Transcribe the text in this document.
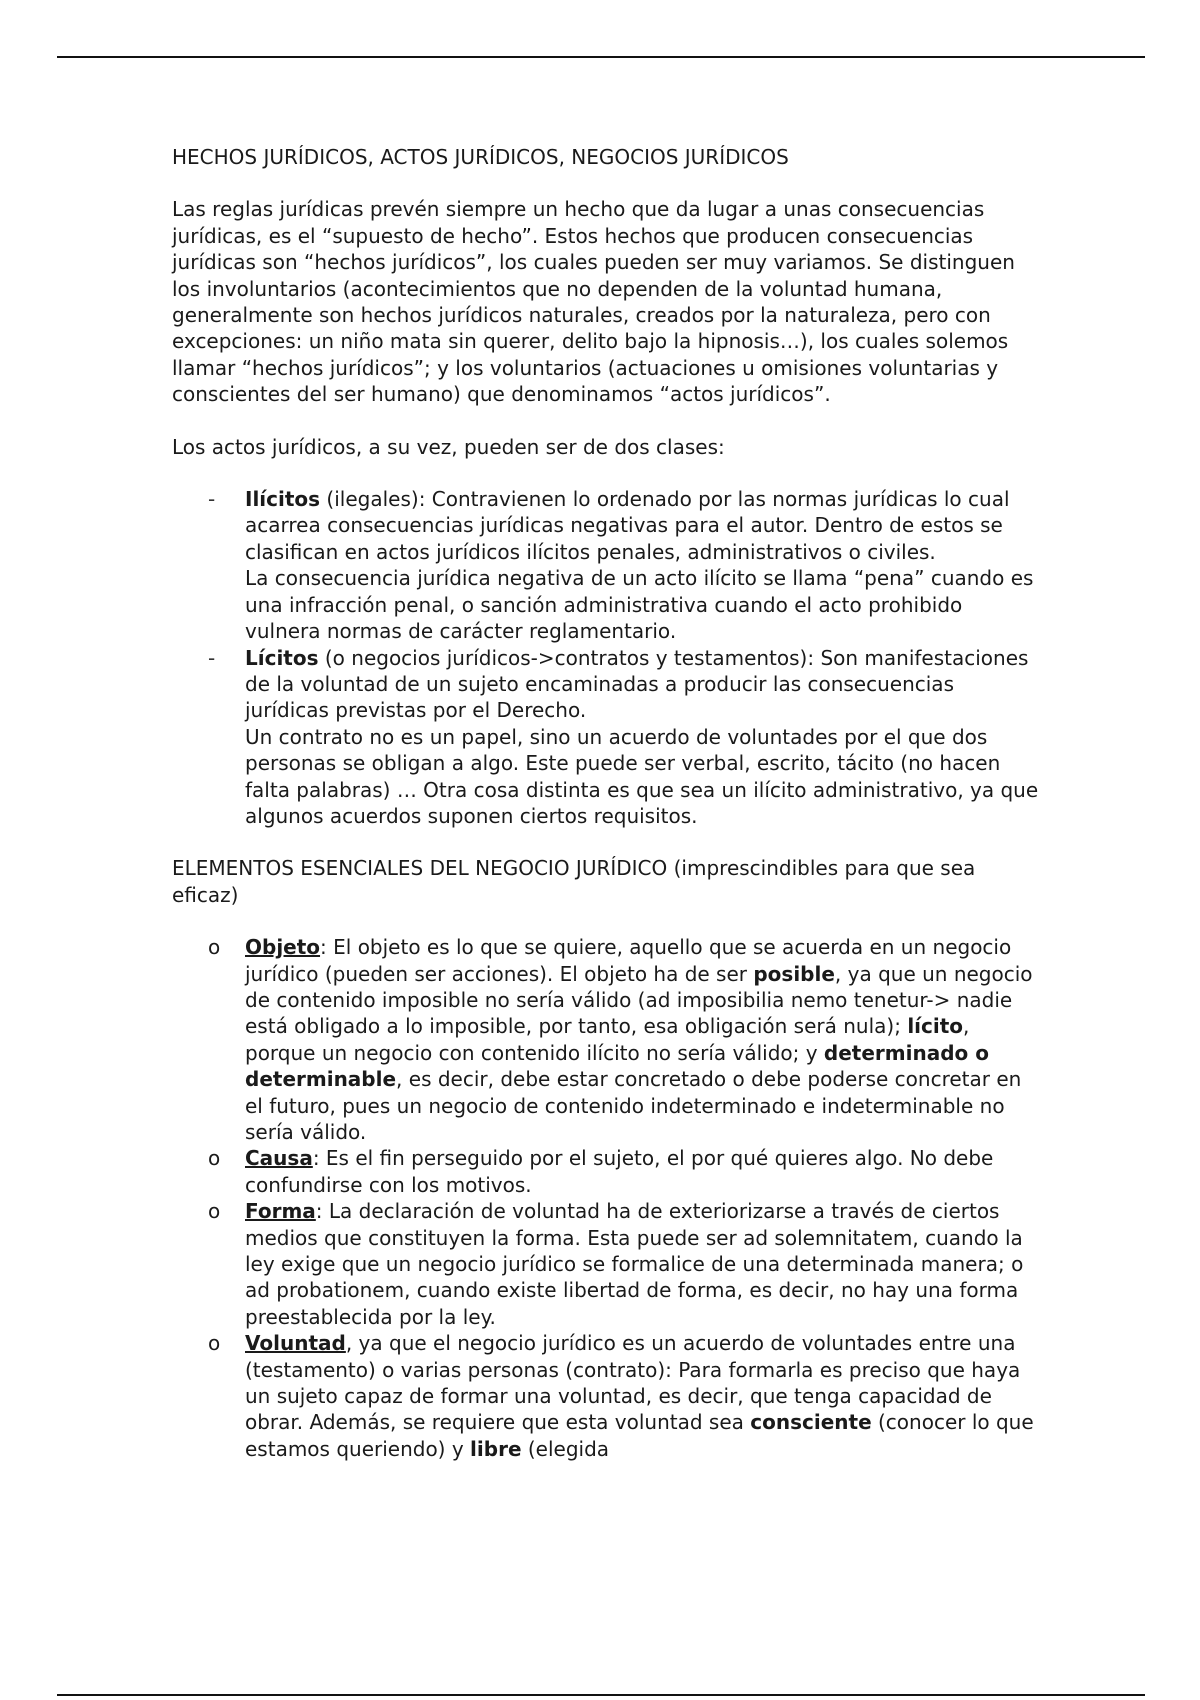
HECHOS JURÍDICOS, ACTOS JURÍDICOS, NEGOCIOS JURÍDICOS

Las reglas jurídicas prevén siempre un hecho que da lugar a unas consecuencias jurídicas, es el “supuesto de hecho”. Estos hechos que producen consecuencias jurídicas son “hechos jurídicos”, los cuales pueden ser muy variamos. Se distinguen los involuntarios (acontecimientos que no dependen de la voluntad humana, generalmente son hechos jurídicos naturales, creados por la naturaleza, pero con excepciones: un niño mata sin querer, delito bajo la hipnosis…), los cuales solemos llamar “hechos jurídicos”; y los voluntarios (actuaciones u omisiones voluntarias y conscientes del ser humano) que denominamos “actos jurídicos”.

Los actos jurídicos, a su vez, pueden ser de dos clases:

- Ilícitos (ilegales): Contravienen lo ordenado por las normas jurídicas lo cual acarrea consecuencias jurídicas negativas para el autor. Dentro de estos se clasifican en actos jurídicos ilícitos penales, administrativos o civiles.
La consecuencia jurídica negativa de un acto ilícito se llama “pena” cuando es una infracción penal, o sanción administrativa cuando el acto prohibido vulnera normas de carácter reglamentario.
- Lícitos (o negocios jurídicos->contratos y testamentos): Son manifestaciones de la voluntad de un sujeto encaminadas a producir las consecuencias jurídicas previstas por el Derecho.
Un contrato no es un papel, sino un acuerdo de voluntades por el que dos personas se obligan a algo. Este puede ser verbal, escrito, tácito (no hacen falta palabras) … Otra cosa distinta es que sea un ilícito administrativo, ya que algunos acuerdos suponen ciertos requisitos.

ELEMENTOS ESENCIALES DEL NEGOCIO JURÍDICO (imprescindibles para que sea eficaz)

o Objeto: El objeto es lo que se quiere, aquello que se acuerda en un negocio jurídico (pueden ser acciones). El objeto ha de ser posible, ya que un negocio de contenido imposible no sería válido (ad imposibilia nemo tenetur-> nadie está obligado a lo imposible, por tanto, esa obligación será nula); lícito, porque un negocio con contenido ilícito no sería válido; y determinado o determinable, es decir, debe estar concretado o debe poderse concretar en el futuro, pues un negocio de contenido indeterminado e indeterminable no sería válido.
o Causa: Es el fin perseguido por el sujeto, el por qué quieres algo. No debe confundirse con los motivos.
o Forma: La declaración de voluntad ha de exteriorizarse a través de ciertos medios que constituyen la forma. Esta puede ser ad solemnitatem, cuando la ley exige que un negocio jurídico se formalice de una determinada manera; o ad probationem, cuando existe libertad de forma, es decir, no hay una forma preestablecida por la ley.
o Voluntad, ya que el negocio jurídico es un acuerdo de voluntades entre una (testamento) o varias personas (contrato): Para formarla es preciso que haya un sujeto capaz de formar una voluntad, es decir, que tenga capacidad de obrar. Además, se requiere que esta voluntad sea consciente (conocer lo que estamos queriendo) y libre (elegida
